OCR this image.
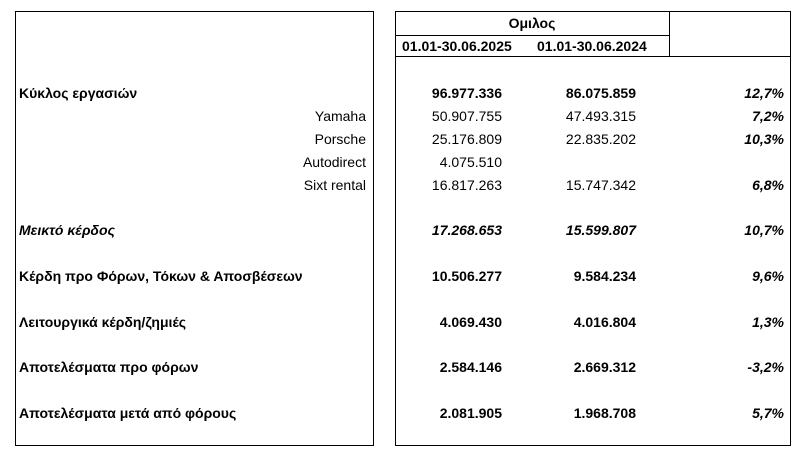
Ομιλος
01.01-30.06.2025 01.01-30.06.2024
Κύκλος εργασιών	96.977.336	86.075.859	12,7%
Yamaha	50.907.755	47.493.315	7,2%
Porsche	25.176.809	22.835.202	10,3%
Autodirect	4.075.510
Sixt rental	16.817.263	15.747.342	6,8%
Μεικτό κέρδος	17.268.653	15.599.807	10,7%
Κέρδη προ Φόρων, Τόκων & Αποσβέσεων	10.506.277	9.584.234	9,6%
Λειτουργικά κέρδη/ζημιές	4.069.430	4.016.804	1,3%
Αποτελέσματα προ φόρων	2.584.146	2.669.312	-3,2%
Αποτελέσματα μετά από φόρους	2.081.905	1.968.708	5,7%
